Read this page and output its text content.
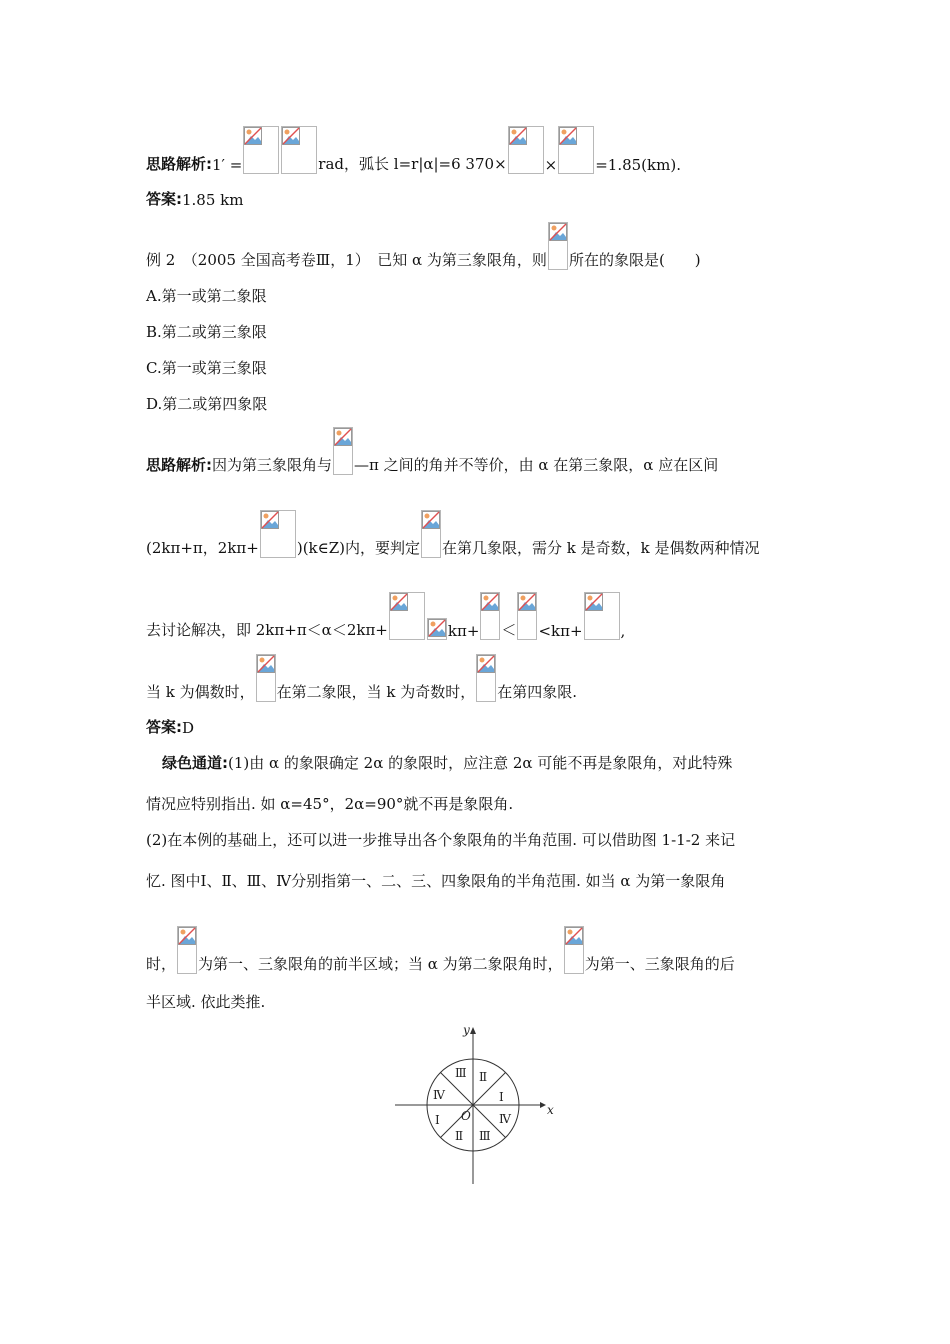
思路解析: 1′ =	rad，弧长 l=r|α|=6 370×	×	=1.85(km).
答案: 1.85 km
例 2　（2005 全国高考卷Ⅲ，1）　已知 α 为第三象限角，则 所在的象限是(　　)
A.第一或第二象限
B.第二或第三象限
C.第一或第三象限
D.第二或第四象限
思路解析: 因为第三象限角与 —π 之间的角并不等价，由 α 在第三象限，α 应在区间
(2kπ+π，2kπ+	)(k∈Z)内，要判定 在第几象限，需分 k 是奇数，k 是偶数两种情况
去讨论解决，即 2kπ+π＜α＜2kπ+	kπ+ ＜ <kπ+	,
当 k 为偶数时， 在第二象限，当 k 为奇数时， 在第四象限.
答案: D
绿色通道: (1)由 α 的象限确定 2α 的象限时，应注意 2α 可能不再是象限角，对此特殊
情况应特别指出. 如 α=45°，2α=90°就不再是象限角.
(2)在本例的基础上，还可以进一步推导出各个象限角的半角范围. 可以借助图 1-1-2 来记
忆. 图中Ⅰ、Ⅱ、Ⅲ、Ⅳ分别指第一、二、三、四象限角的半角范围. 如当 α 为第一象限角
时， 为第一、三象限角的前半区域；当 α 为第二象限角时， 为第一、三象限角的后
半区域. 依此类推.
x
y
O
Ⅲ Ⅱ
Ⅳ	Ⅰ
Ⅰ	Ⅳ
Ⅱ Ⅲ
